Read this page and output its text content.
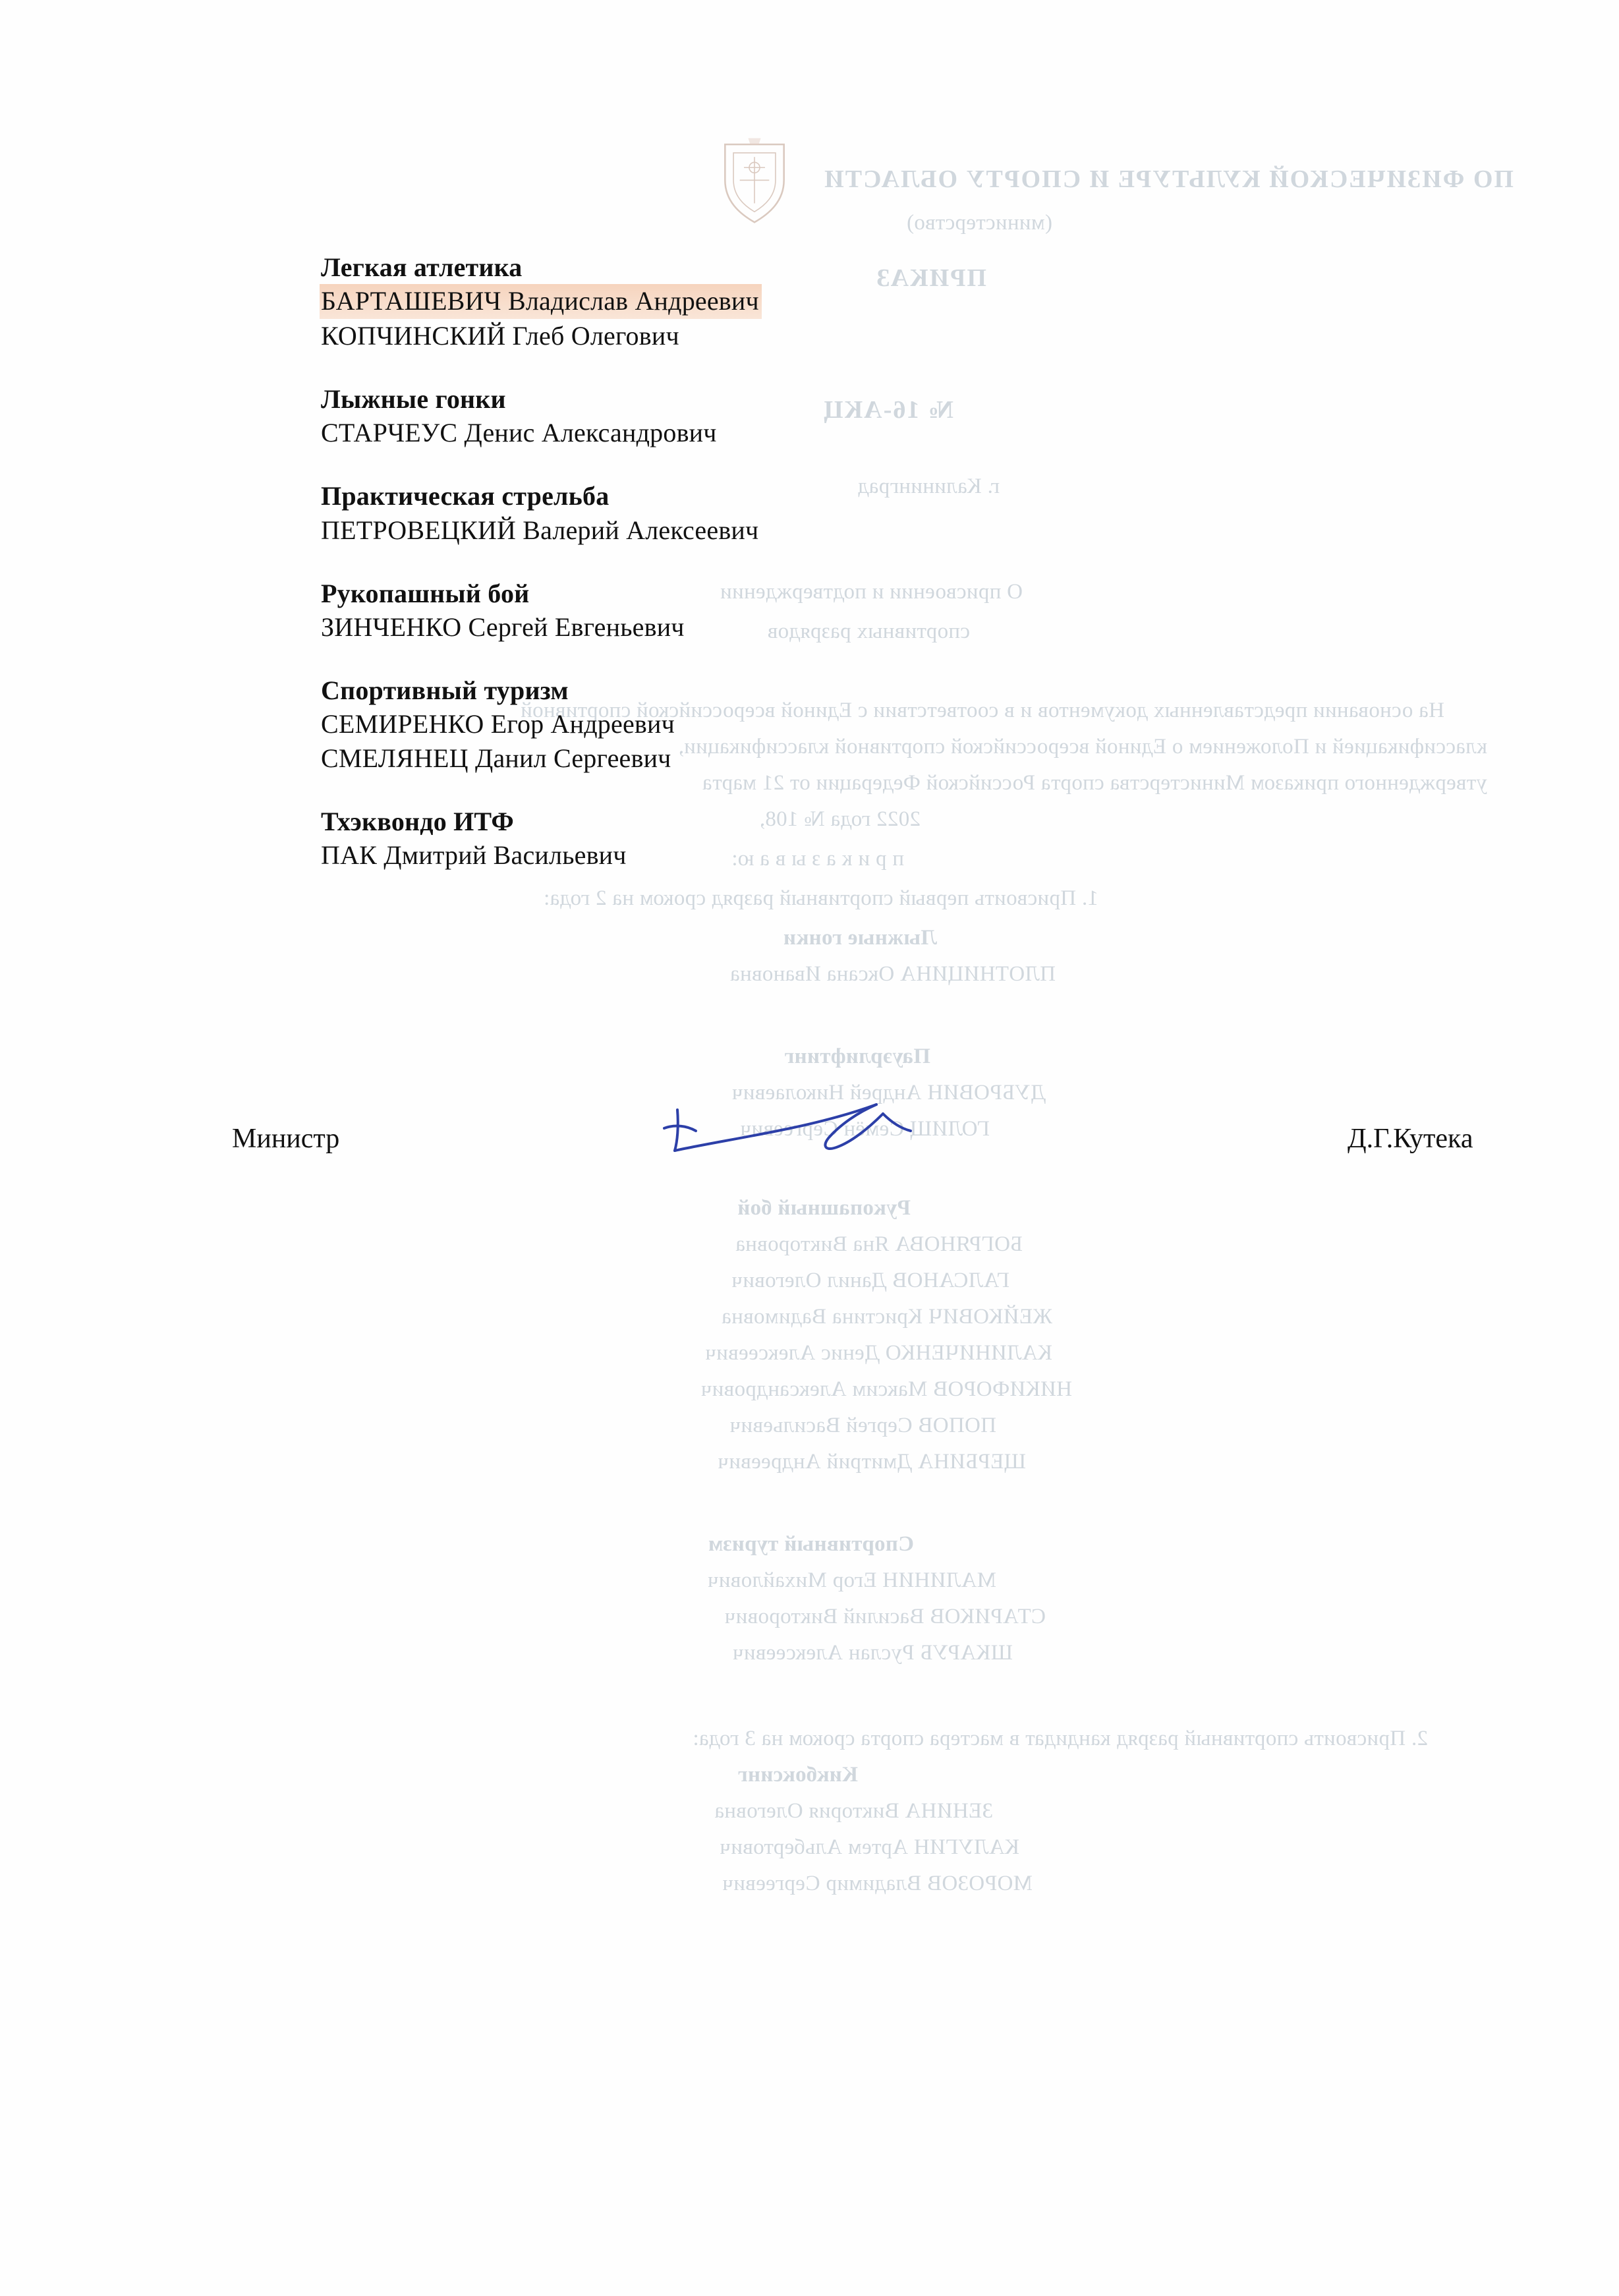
ПО ФИЗИЧЕСКОЙ КУЛЬТУРЕ И СПОРТУ ОБЛАСТИ
(министерство)
ПРИКАЗ
№ 16-АКЦ
г. Калининград
О присвоении и подтверждении
спортивных разрядов
На основании представленных документов и в соответствии с Единой всероссийской спортивной
классификацией и Положением о Единой всероссийской спортивной классификации,
утвержденного приказом Министерства спорта Российской Федерации от 21 марта
2022 года № 108,
п р и к а з ы в а ю:
1. Присвоить первый спортивный разряд сроком на 2 года:
Лыжные гонки
ПЛОТНИЦИНА Оксана Ивановна
Пауэрлифтинг
ДУБРОВИН Андрей Николаевич
ГОЛИЩ Семён Сергеевич
Рукопашный бой
БОГРЯНОВА Яна Викторовна
ГАЛСАНОВ Данил Олегович
ЖЕЙКОВИЧ Кристина Вадимовна
КАЛИНИЧЕНКО Денис Алексеевич
НИКИФОРОВ Максим Александрович
ПОПОВ Сергей Васильевич
ЩЕРБИНА Дмитрий Андреевич
Спортивный туризм
МАЛИНИН Егор Михайлович
СТАРИКОВ Василий Викторович
ШКАРУБ Руслан Алексеевич
2. Присвоить спортивный разряд кандидат в мастера спорта сроком на 3 года:
Кикбоксинг
ЗЕНИНА Виктория Олеговна
КАЛУГИН Артем Альбертович
МОРОЗОВ Владимир Сергеевич
Легкая атлетика
БАРТАШЕВИЧ Владислав Андреевич
КОПЧИНСКИЙ Глеб Олегович
Лыжные гонки
СТАРЧЕУС Денис Александрович
Практическая стрельба
ПЕТРОВЕЦКИЙ Валерий Алексеевич
Рукопашный бой
ЗИНЧЕНКО Сергей Евгеньевич
Спортивный туризм
СЕМИРЕНКО Егор Андреевич
СМЕЛЯНЕЦ Данил Сергеевич
Тхэквондо ИТФ
ПАК Дмитрий Васильевич
Министр	Д.Г.Кутека
